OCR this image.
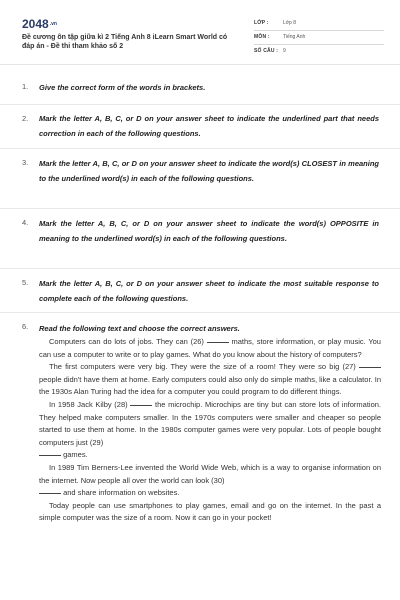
$2048^{.vn}$
Đề cương ôn tập giữa kì 2 Tiếng Anh 8 iLearn Smart World có đáp án - Đề thi tham khảo số 2
LỚP :	Lớp 8
MÔN :	Tiếng Anh
SỐ CÂU : 9
1. Give the correct form of the words in brackets.
2. Mark the letter A, B, C, or D on your answer sheet to indicate the underlined part that needs correction in each of the following questions.
3. Mark the letter A, B, C, or D on your answer sheet to indicate the word(s) CLOSEST in meaning to the underlined word(s) in each of the following questions.
4. Mark the letter A, B, C, or D on your answer sheet to indicate the word(s) OPPOSITE in meaning to the underlined word(s) in each of the following questions.
5. Mark the letter A, B, C, or D on your answer sheet to indicate the most suitable response to complete each of the following questions.
6. Read the following text and choose the correct answers.

Computers can do lots of jobs. They can (26)	maths, store information, or play music. You can use a computer to write or to play games. What do you know about the history of computers?

The first computers were very big. They were the size of a room! They were so big (27)  people didn't have them at home. Early computers could also only do simple maths, like a calculator. In the 1930s Alan Turing had the idea for a computer you could program to do different things.

In 1958 Jack Kilby (28)	the microchip. Microchips are tiny but can store lots of information. They helped make computers smaller. In the 1970s computers were smaller and cheaper so people started to use them at home. In the 1980s computer games were very popular. Lots of people bought computers just (29)
games.

In 1989 Tim Berners-Lee invented the World Wide Web, which is a way to organise information on the internet. Now people all over the world can look (30)
and share information on websites.

Today people can use smartphones to play games, email and go on the internet. In the past a simple computer was the size of a room. Now it can go in your pocket!
